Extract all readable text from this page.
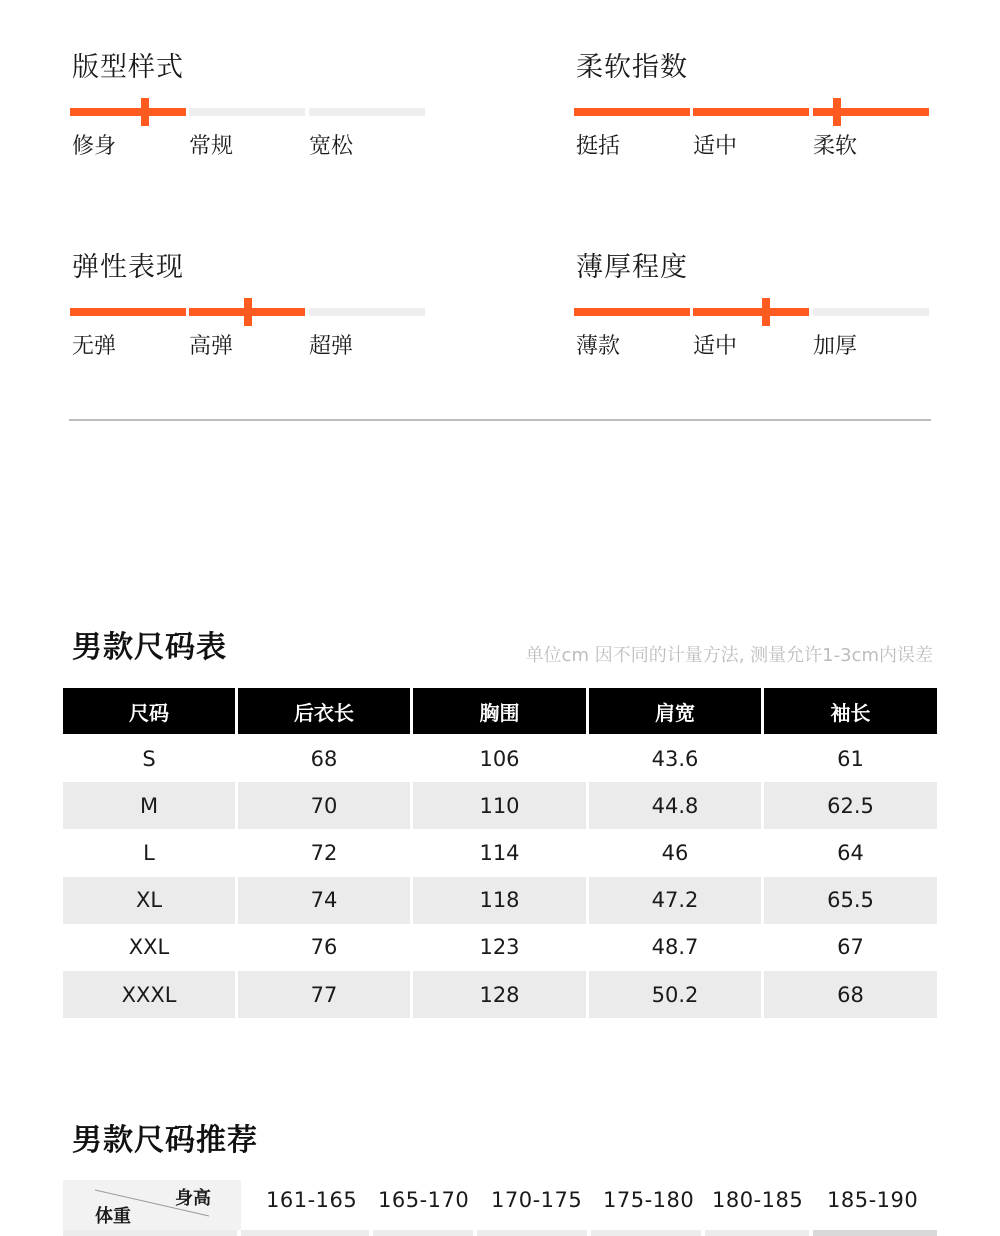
版型样式
修身	常规	宽松
柔软指数
挺括	适中	柔软
弹性表现
无弹	高弹	超弹
薄厚程度
薄款	适中	加厚
男款尺码表	单位cm 因不同的计量方法, 测量允许1-3cm内误差
尺码	后衣长	胸围	肩宽	袖长
S	68	106	43.6	61
M	70	110	44.8	62.5
L	72	114	46	64
XL	74	118	47.2	65.5
XXL	76	123	48.7	67
XXXL	77	128	50.2	68
男款尺码推荐
身高
体重
161-165 165-170 170-175 175-180 180-185 185-190
